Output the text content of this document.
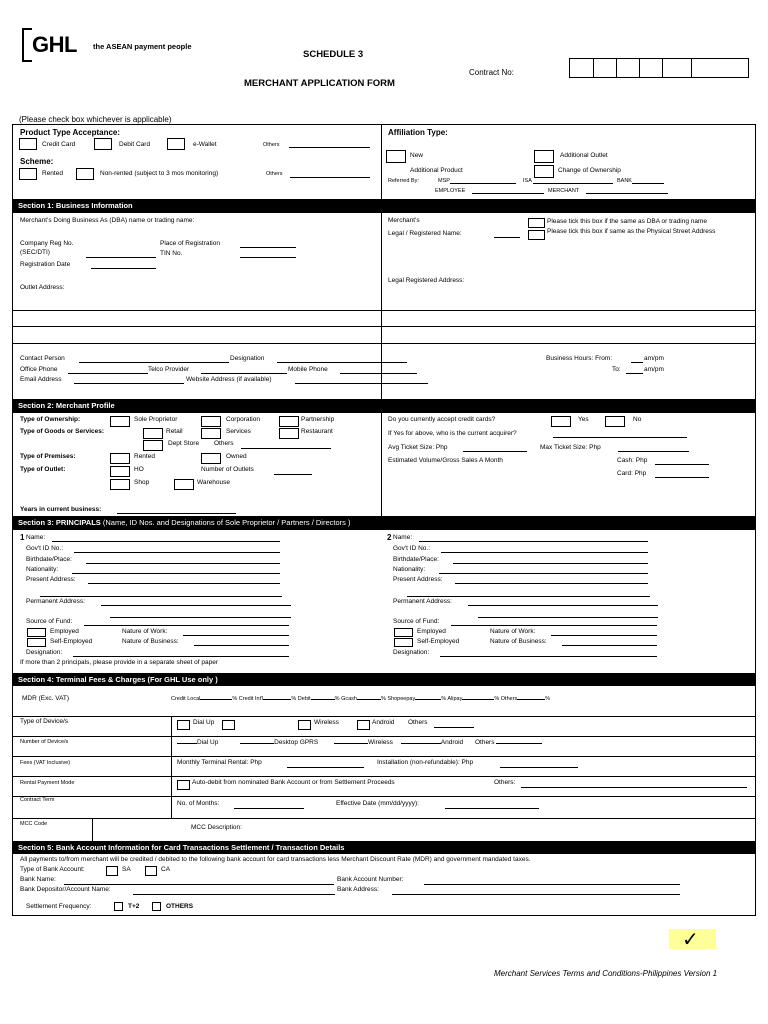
GHL the ASEAN payment people
SCHEDULE 3
MERCHANT APPLICATION FORM
Contract No:
(Please check box whichever is applicable)
Product Type Acceptance:
Credit Card	Debit Card	e-Wallet	Others
Scheme:
Rented	Non-rented (subject to 3 mos monitoring)	Others
Affiliation Type:
New	Additional Outlet
Additional Product	Change of Ownership
Referred By:	MSP	ISA	BANK
EMPLOYEE	MERCHANT
Section 1: Business Information
Merchant's Doing Business As (DBA) name or trading name:
Company Reg No.
(SEC/DTI)
Place of Registration
TIN No.
Registration Date
Outlet Address:
Merchant's
Legal / Registered Name:
Please tick this box if the same as DBA or trading name
Please tick this box if same as the Physical Street Address
Legal Registered Address:
Contact Person	Designation
Office Phone	Telco Provider	Mobile Phone
Email Address	Website Address (if available)
Business Hours: From:	am/pm
To:	am/pm
Section 2: Merchant Profile
Type of Ownership:	Sole Proprietor	Corporation	Partnership
Type of Goods or Services:	Retail	Services	Restaurant
Dept Store Others
Type of Premises:	Rented	Owned
Type of Outlet:	HO	Number of Outlets
Shop	Warehouse
Years in current business:
Do you currently accept credit cards?	Yes	No
If Yes for above, who is the current acquirer?
Avg Ticket Size: Php	Max Ticket Size: Php
Estimated Volume/Gross Sales A Month	Cash: Php
Card: Php
Section 3: PRINCIPALS (Name, ID Nos. and Designations of Sole Proprietor / Partners / Directors )
1 Name:
Gov't ID No.:
Birthdate/Place:
Nationality:
Present Address:
Permanent Address:
Source of Fund:
Employed	Nature of Work:
Self-Employed	Nature of Business:
Designation:
2 Name:
Gov't ID No.:
Birthdate/Place:
Nationality:
Present Address:
Permanent Address:
Source of Fund:
Employed	Nature of Work:
Self-Employed	Nature of Business:
Designation:
If more than 2 principals, please provide in a separate sheet of paper
Section 4: Terminal Fees & Charges (For GHL Use only )
MDR (Exc. VAT)	Credit Local	% Credit Int'l	% Debit	% Gcash	% Shopeepay	% Alipay	% Others	%
Type of Device/s	Dial Up	Wireless	Android Others
Number of Device/s	Dial Up	Desktop GPRS	Wireless	Android Others
Fees (VAT Inclusive)	Monthly Terminal Rental: Php	Installation (non-refundable): Php
Rental Payment Mode	Auto-debit from nominated Bank Account or from Settlement Proceeds	Others:
Contract Term	No. of Months:	Effective Date (mm/dd/yyyy):
MCC Code	MCC Description:
Section 5: Bank Account Information for Card Transactions Settlement / Transaction Details
All payments to/from merchant will be credited / debited to the following bank account for card transactions less Merchant Discount Rate (MDR) and government mandated taxes.
Type of Bank Account:	SA	CA
Bank Name:	Bank Account Number:
Bank Depositor/Account Name:	Bank Address:
Settlement Frequency:	T+2	OTHERS
✓
Merchant Services Terms and Conditions-Philippines Version 1
